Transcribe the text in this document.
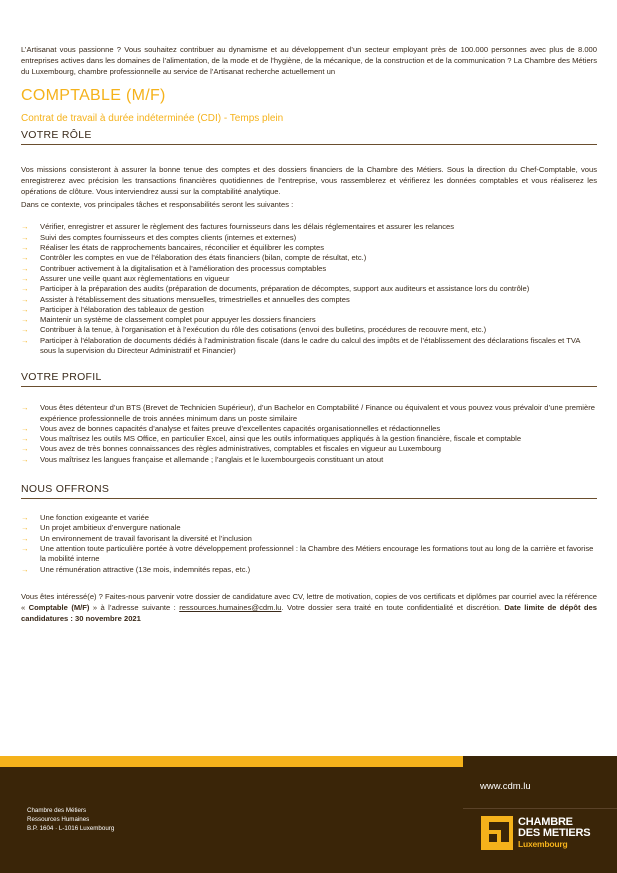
L’Artisanat vous passionne ? Vous souhaitez contribuer au dynamisme et au développement d’un secteur employant près de 100.000 personnes avec plus de 8.000 entreprises actives dans les domaines de l’alimentation, de la mode et de l’hygiène, de la mécanique, de la construction et de la communication ? La Chambre des Métiers du Luxembourg, chambre professionnelle au service de l’Artisanat recherche actuellement un

COMPTABLE (M/F)
Contrat de travail à durée indéterminée (CDI) - Temps plein
VOTRE RÔLE

Vos missions consisteront à assurer la bonne tenue des comptes et des dossiers financiers de la Chambre des Métiers. Sous la direction du Chef-Comptable, vous enregistrerez avec précision les transactions financières quotidiennes de l’entreprise, vous rassemblerez et vérifierez les données comptables et vous réaliserez les opérations de clôture. Vous interviendrez aussi sur la comptabilité analytique.

Dans ce contexte, vos principales tâches et responsabilités seront les suivantes :

→ Vérifier, enregistrer et assurer le règlement des factures fournisseurs dans les délais réglementaires et assurer les relances
→ Suivi des comptes fournisseurs et des comptes clients (internes et externes)
→ Réaliser les états de rapprochements bancaires, réconcilier et équilibrer les comptes
→ Contrôler les comptes en vue de l’élaboration des états financiers (bilan, compte de résultat, etc.)
→ Contribuer activement à la digitalisation et à l’amélioration des processus comptables
→ Assurer une veille quant aux règlementations en vigueur
→ Participer à la préparation des audits (préparation de documents, préparation de décomptes, support aux auditeurs et assistance lors du contrôle)
→ Assister à l’établissement des situations mensuelles, trimestrielles et annuelles des comptes
→ Participer à l’élaboration des tableaux de gestion
→ Maintenir un système de classement complet pour appuyer les dossiers financiers
→ Contribuer à la tenue, à l’organisation et à l’exécution du rôle des cotisations (envoi des bulletins, procédures de recouvre ment, etc.)
→ Participer à l’élaboration de documents dédiés à l’administration fiscale (dans le cadre du calcul des impôts et de l’établissement des déclarations fiscales et TVA sous la supervision du Directeur Administratif et Financier)
VOTRE PROFIL
→ Vous êtes détenteur d’un BTS (Brevet de Technicien Supérieur), d’un Bachelor en Comptabilité / Finance ou équivalent et vous pouvez vous prévaloir d’une première expérience professionnelle de trois années minimum dans un poste similaire
→ Vous avez de bonnes capacités d’analyse et faites preuve d’excellentes capacités organisationnelles et rédactionnelles
→ Vous maîtrisez les outils MS Office, en particulier Excel, ainsi que les outils informatiques appliqués à la gestion financière, fiscale et comptable
→ Vous avez de très bonnes connaissances des règles administratives, comptables et fiscales en vigueur au Luxembourg
→ Vous maîtrisez les langues française et allemande ; l’anglais et le luxembourgeois constituant un atout
NOUS OFFRONS
→ Une fonction exigeante et variée
→ Un projet ambitieux d’envergure nationale
→ Un environnement de travail favorisant la diversité et l’inclusion
→ Une attention toute particulière portée à votre développement professionnel : la Chambre des Métiers encourage les formations tout au long de la carrière et favorise la mobilité interne
→ Une rémunération attractive (13e mois, indemnités repas, etc.)

Vous êtes intéressé(e) ? Faites-nous parvenir votre dossier de candidature avec CV, lettre de motivation, copies de vos certificats et diplômes par courriel avec la référence « Comptable (M/F) » à l’adresse suivante : ressources.humaines@cdm.lu. Votre dossier sera traité en toute confidentialité et discrétion. Date limite de dépôt des candidatures : 30 novembre 2021

Chambre des Métiers
Ressources Humaines
B.P. 1604 · L-1016 Luxembourg
www.cdm.lu
CHAMBRE
DES METIERS
Luxembourg
